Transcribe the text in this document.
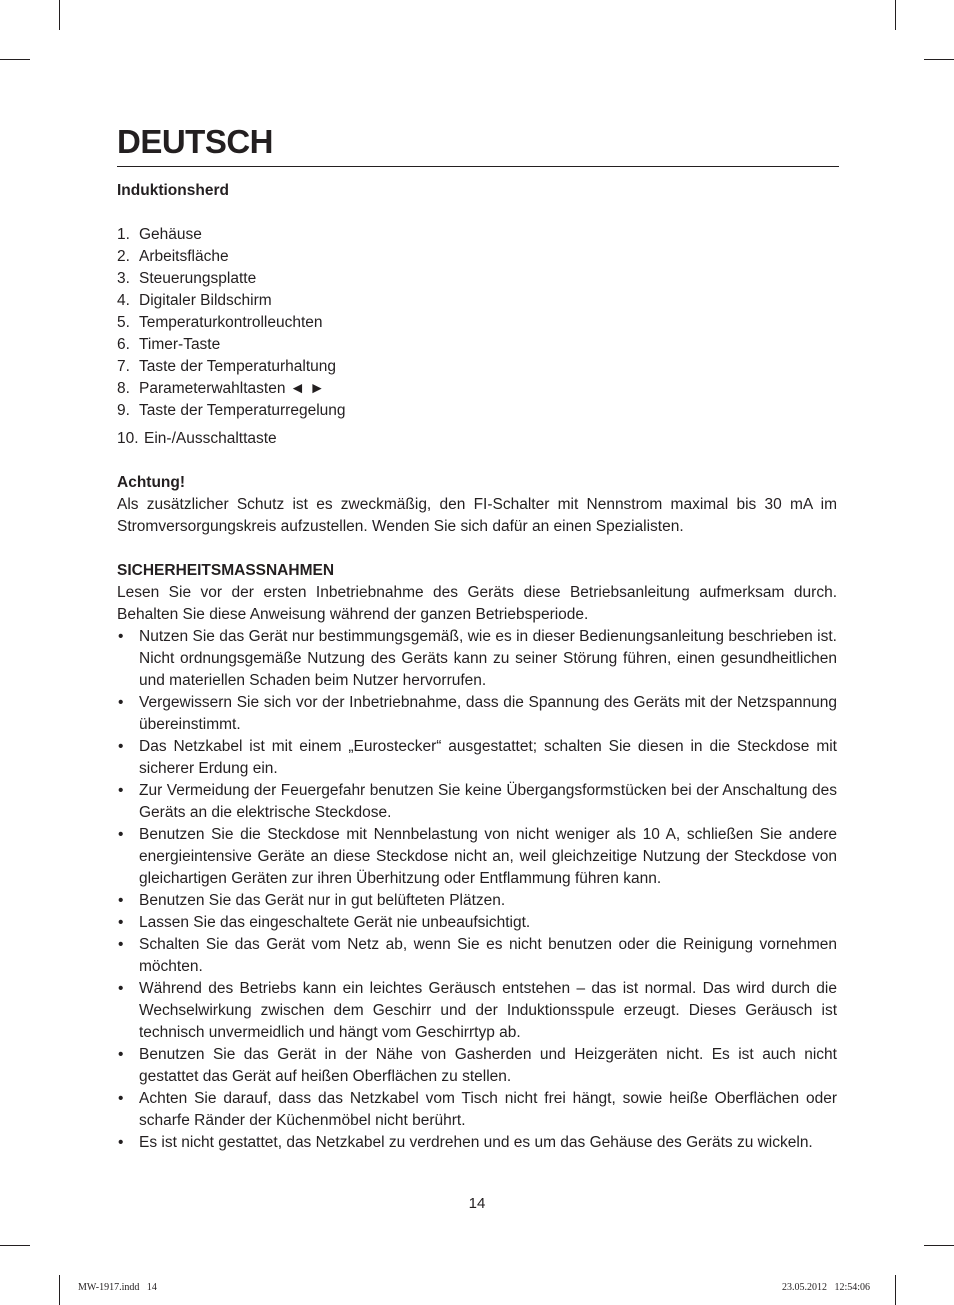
DEUTSCH

Induktionsherd

1. Gehäuse
2. Arbeitsfläche
3. Steuerungsplatte
4. Digitaler Bildschirm
5. Temperaturkontrolleuchten
6. Timer-Taste
7. Taste der Temperaturhaltung
8. Parameterwahltasten ◄ ►
9. Taste der Temperaturregelung
10. Ein-/Ausschalttaste

Achtung!

Als zusätzlicher Schutz ist es zweckmäßig, den FI-Schalter mit Nennstrom maximal bis 30 mA im Stromversorgungskreis aufzustellen. Wenden Sie sich dafür an einen Spezialisten.

SICHERHEITSMASSNAHMEN

Lesen Sie vor der ersten Inbetriebnahme des Geräts diese Betriebsanleitung aufmerksam durch. Behalten Sie diese Anweisung während der ganzen Betriebsperiode.

• Nutzen Sie das Gerät nur bestimmungsgemäß, wie es in dieser Bedienungsanleitung beschrieben ist. Nicht ordnungsgemäße Nutzung des Geräts kann zu seiner Störung führen, einen gesundheitlichen und materiellen Schaden beim Nutzer hervorrufen.
• Vergewissern Sie sich vor der Inbetriebnahme, dass die Spannung des Geräts mit der Netzspannung übereinstimmt.
• Das Netzkabel ist mit einem „Eurostecker“ ausgestattet; schalten Sie diesen in die Steckdose mit sicherer Erdung ein.
• Zur Vermeidung der Feuergefahr benutzen Sie keine Übergangsformstücken bei der Anschaltung des Geräts an die elektrische Steckdose.
• Benutzen Sie die Steckdose mit Nennbelastung von nicht weniger als 10 A, schließen Sie andere energieintensive Geräte an diese Steckdose nicht an, weil gleichzeitige Nutzung der Steckdose von gleichartigen Geräten zur ihren Überhitzung oder Entflammung führen kann.
• Benutzen Sie das Gerät nur in gut belüfteten Plätzen.
• Lassen Sie das eingeschaltete Gerät nie unbeaufsichtigt.
• Schalten Sie das Gerät vom Netz ab, wenn Sie es nicht benutzen oder die Reinigung vornehmen möchten.
• Während des Betriebs kann ein leichtes Geräusch entstehen – das ist normal. Das wird durch die Wechselwirkung zwischen dem Geschirr und der Induktionsspule erzeugt. Dieses Geräusch ist technisch unvermeidlich und hängt vom Geschirrtyp ab.
• Benutzen Sie das Gerät in der Nähe von Gasherden und Heizgeräten nicht. Es ist auch nicht gestattet das Gerät auf heißen Oberflächen zu stellen.
• Achten Sie darauf, dass das Netzkabel vom Tisch nicht frei hängt, sowie heiße Oberflächen oder scharfe Ränder der Küchenmöbel nicht berührt.
• Es ist nicht gestattet, das Netzkabel zu verdrehen und es um das Gehäuse des Geräts zu wickeln.
14
MW-1917.indd   14	23.05.2012   12:54:06
